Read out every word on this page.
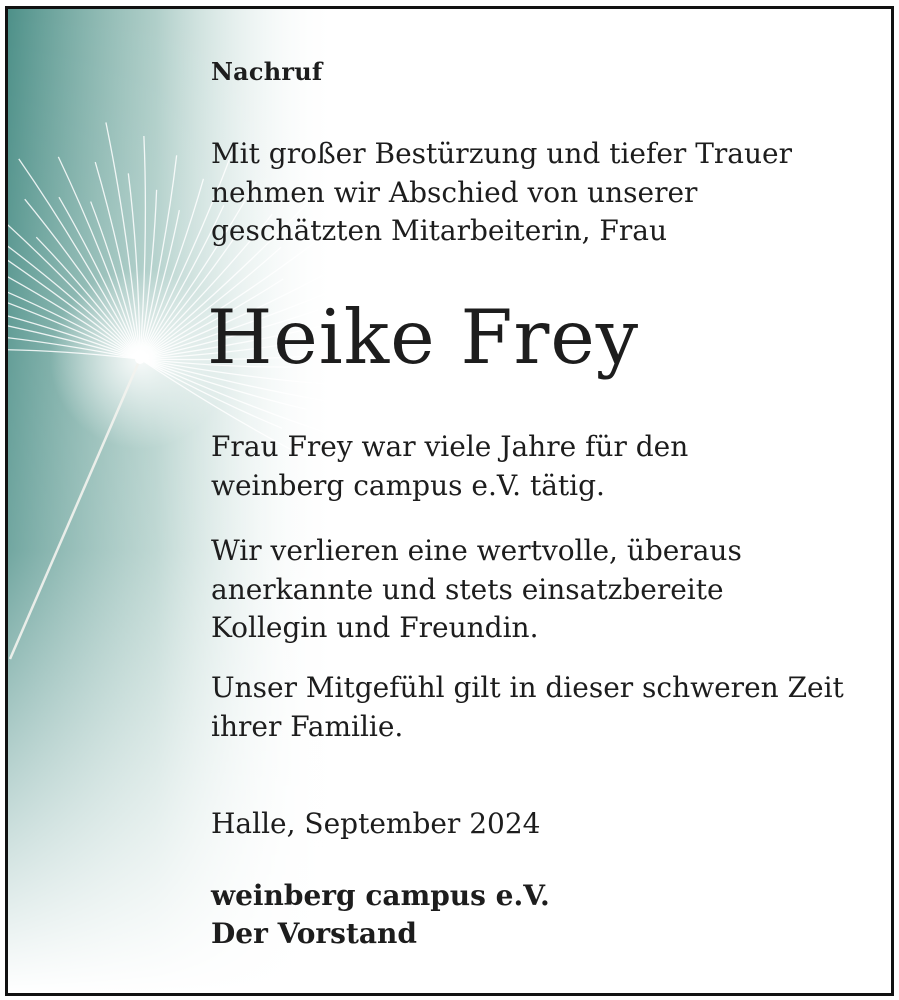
Nachruf

Mit großer Bestürzung und tiefer Trauer
nehmen wir Abschied von unserer
geschätzten Mitarbeiterin, Frau

Heike Frey

Frau Frey war viele Jahre für den
weinberg campus e.V. tätig.

Wir verlieren eine wertvolle, überaus
anerkannte und stets einsatzbereite
Kollegin und Freundin.

Unser Mitgefühl gilt in dieser schweren Zeit
ihrer Familie.

Halle, September 2024

weinberg campus e.V.
Der Vorstand
